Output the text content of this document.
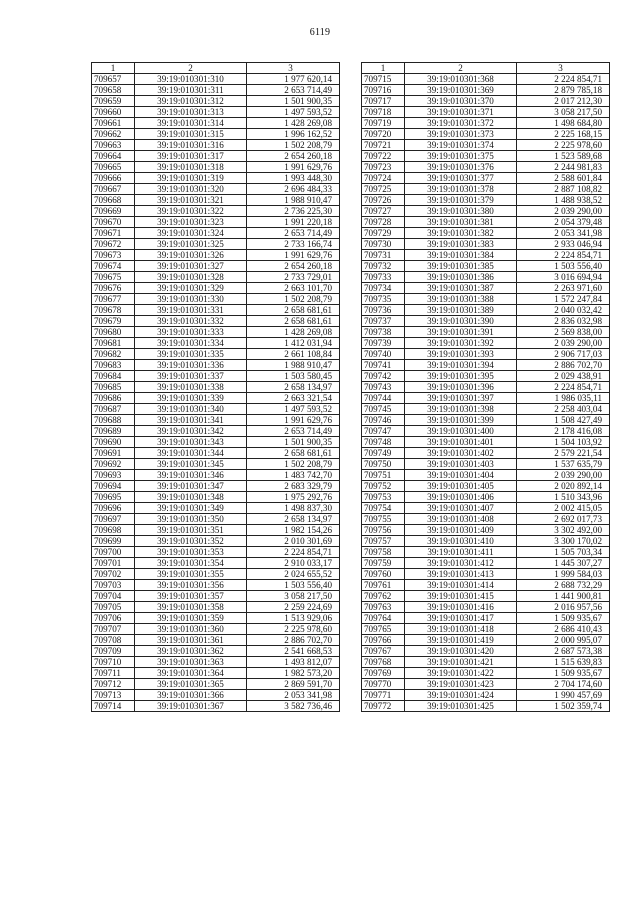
6119
1	2	3
709657	39:19:010301:310	1 977 620,14
709658	39:19:010301:311	2 653 714,49
709659	39:19:010301:312	1 501 900,35
709660	39:19:010301:313	1 497 593,52
709661	39:19:010301:314	1 428 269,08
709662	39:19:010301:315	1 996 162,52
709663	39:19:010301:316	1 502 208,79
709664	39:19:010301:317	2 654 260,18
709665	39:19:010301:318	1 991 629,76
709666	39:19:010301:319	1 993 448,30
709667	39:19:010301:320	2 696 484,33
709668	39:19:010301:321	1 988 910,47
709669	39:19:010301:322	2 736 225,30
709670	39:19:010301:323	1 991 220,18
709671	39:19:010301:324	2 653 714,49
709672	39:19:010301:325	2 733 166,74
709673	39:19:010301:326	1 991 629,76
709674	39:19:010301:327	2 654 260,18
709675	39:19:010301:328	2 733 729,01
709676	39:19:010301:329	2 663 101,70
709677	39:19:010301:330	1 502 208,79
709678	39:19:010301:331	2 658 681,61
709679	39:19:010301:332	2 658 681,61
709680	39:19:010301:333	1 428 269,08
709681	39:19:010301:334	1 412 031,94
709682	39:19:010301:335	2 661 108,84
709683	39:19:010301:336	1 988 910,47
709684	39:19:010301:337	1 503 580,45
709685	39:19:010301:338	2 658 134,97
709686	39:19:010301:339	2 663 321,54
709687	39:19:010301:340	1 497 593,52
709688	39:19:010301:341	1 991 629,76
709689	39:19:010301:342	2 653 714,49
709690	39:19:010301:343	1 501 900,35
709691	39:19:010301:344	2 658 681,61
709692	39:19:010301:345	1 502 208,79
709693	39:19:010301:346	1 483 742,70
709694	39:19:010301:347	2 683 329,79
709695	39:19:010301:348	1 975 292,76
709696	39:19:010301:349	1 498 837,30
709697	39:19:010301:350	2 658 134,97
709698	39:19:010301:351	1 982 154,26
709699	39:19:010301:352	2 010 301,69
709700	39:19:010301:353	2 224 854,71
709701	39:19:010301:354	2 910 033,17
709702	39:19:010301:355	2 024 655,52
709703	39:19:010301:356	1 503 556,40
709704	39:19:010301:357	3 058 217,50
709705	39:19:010301:358	2 259 224,69
709706	39:19:010301:359	1 513 929,06
709707	39:19:010301:360	2 225 978,60
709708	39:19:010301:361	2 886 702,70
709709	39:19:010301:362	2 541 668,53
709710	39:19:010301:363	1 493 812,07
709711	39:19:010301:364	1 982 573,20
709712	39:19:010301:365	2 869 591,70
709713	39:19:010301:366	2 053 341,98
709714	39:19:010301:367	3 582 736,46
1	2	3
709715	39:19:010301:368	2 224 854,71
709716	39:19:010301:369	2 879 785,18
709717	39:19:010301:370	2 017 212,30
709718	39:19:010301:371	3 058 217,50
709719	39:19:010301:372	1 498 684,80
709720	39:19:010301:373	2 225 168,15
709721	39:19:010301:374	2 225 978,60
709722	39:19:010301:375	1 523 589,68
709723	39:19:010301:376	2 244 981,83
709724	39:19:010301:377	2 588 601,84
709725	39:19:010301:378	2 887 108,82
709726	39:19:010301:379	1 488 938,52
709727	39:19:010301:380	2 039 290,00
709728	39:19:010301:381	2 054 379,48
709729	39:19:010301:382	2 053 341,98
709730	39:19:010301:383	2 933 046,94
709731	39:19:010301:384	2 224 854,71
709732	39:19:010301:385	1 503 556,40
709733	39:19:010301:386	3 016 694,94
709734	39:19:010301:387	2 263 971,60
709735	39:19:010301:388	1 572 247,84
709736	39:19:010301:389	2 040 032,42
709737	39:19:010301:390	2 836 032,98
709738	39:19:010301:391	2 569 838,00
709739	39:19:010301:392	2 039 290,00
709740	39:19:010301:393	2 906 717,03
709741	39:19:010301:394	2 886 702,70
709742	39:19:010301:395	2 029 438,91
709743	39:19:010301:396	2 224 854,71
709744	39:19:010301:397	1 986 035,11
709745	39:19:010301:398	2 258 403,04
709746	39:19:010301:399	1 508 427,49
709747	39:19:010301:400	2 178 416,08
709748	39:19:010301:401	1 504 103,92
709749	39:19:010301:402	2 579 221,54
709750	39:19:010301:403	1 537 635,79
709751	39:19:010301:404	2 039 290,00
709752	39:19:010301:405	2 020 892,14
709753	39:19:010301:406	1 510 343,96
709754	39:19:010301:407	2 002 415,05
709755	39:19:010301:408	2 692 017,73
709756	39:19:010301:409	3 302 492,00
709757	39:19:010301:410	3 300 170,02
709758	39:19:010301:411	1 505 703,34
709759	39:19:010301:412	1 445 307,27
709760	39:19:010301:413	1 999 584,03
709761	39:19:010301:414	2 688 732,29
709762	39:19:010301:415	1 441 900,81
709763	39:19:010301:416	2 016 957,56
709764	39:19:010301:417	1 509 935,67
709765	39:19:010301:418	2 686 410,43
709766	39:19:010301:419	2 000 995,07
709767	39:19:010301:420	2 687 573,38
709768	39:19:010301:421	1 515 639,83
709769	39:19:010301:422	1 509 935,67
709770	39:19:010301:423	2 704 174,60
709771	39:19:010301:424	1 990 457,69
709772	39:19:010301:425	1 502 359,74
